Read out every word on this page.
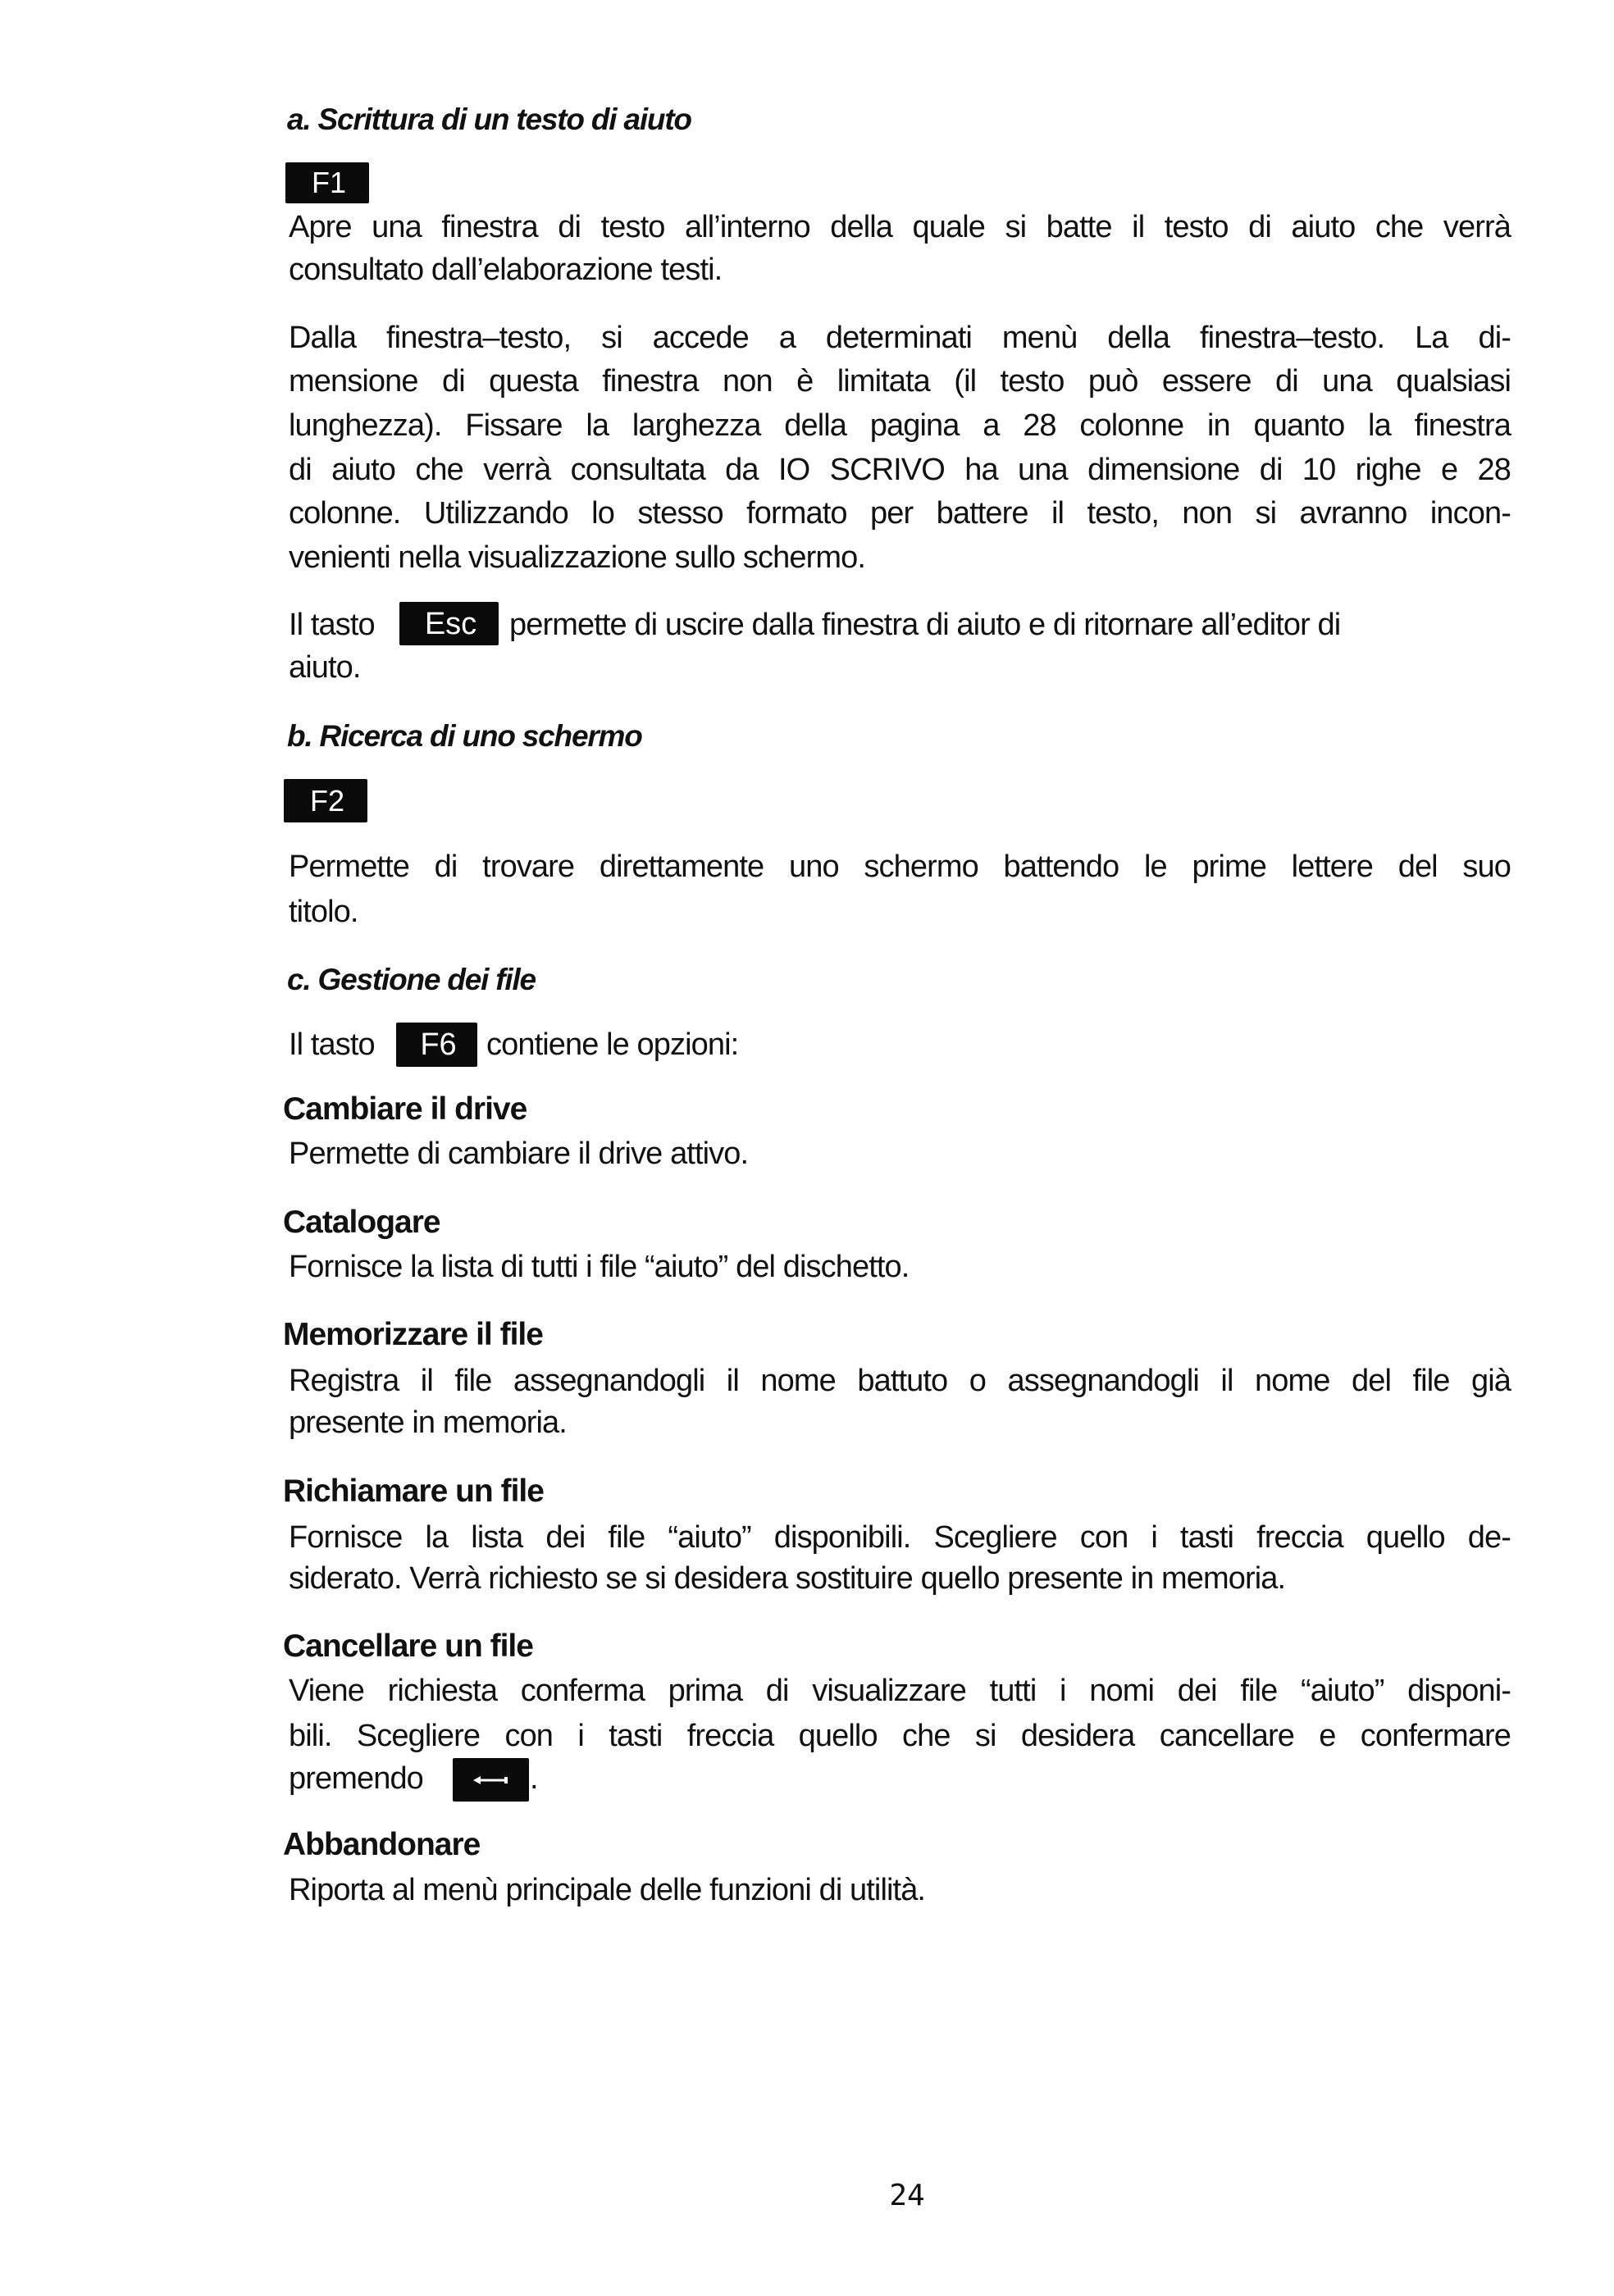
a. Scrittura di un testo di aiuto
F1
Apre una finestra di testo all’interno della quale si batte il testo di aiuto che verrà
consultato dall’elaborazione testi.
Dalla finestra–testo, si accede a determinati menù della finestra–testo. La di-
mensione di questa finestra non è limitata (il testo può essere di una qualsiasi
lunghezza). Fissare la larghezza della pagina a 28 colonne in quanto la finestra
di aiuto che verrà consultata da IO SCRIVO ha una dimensione di 10 righe e 28
colonne. Utilizzando lo stesso formato per battere il testo, non si avranno incon-
venienti nella visualizzazione sullo schermo.
Il tasto Esc permette di uscire dalla finestra di aiuto e di ritornare all’editor di
aiuto.
b. Ricerca di uno schermo
F2
Permette di trovare direttamente uno schermo battendo le prime lettere del suo
titolo.
c. Gestione dei file
Il tasto F6 contiene le opzioni:
Cambiare il drive
Permette di cambiare il drive attivo.
Catalogare
Fornisce la lista di tutti i file “aiuto” del dischetto.
Memorizzare il file
Registra il file assegnandogli il nome battuto o assegnandogli il nome del file già
presente in memoria.
Richiamare un file
Fornisce la lista dei file “aiuto” disponibili. Scegliere con i tasti freccia quello de-
siderato. Verrà richiesto se si desidera sostituire quello presente in memoria.
Cancellare un file
Viene richiesta conferma prima di visualizzare tutti i nomi dei file “aiuto” disponi-
bili. Scegliere con i tasti freccia quello che si desidera cancellare e confermare
premendo	.
Abbandonare
Riporta al menù principale delle funzioni di utilità.
24
